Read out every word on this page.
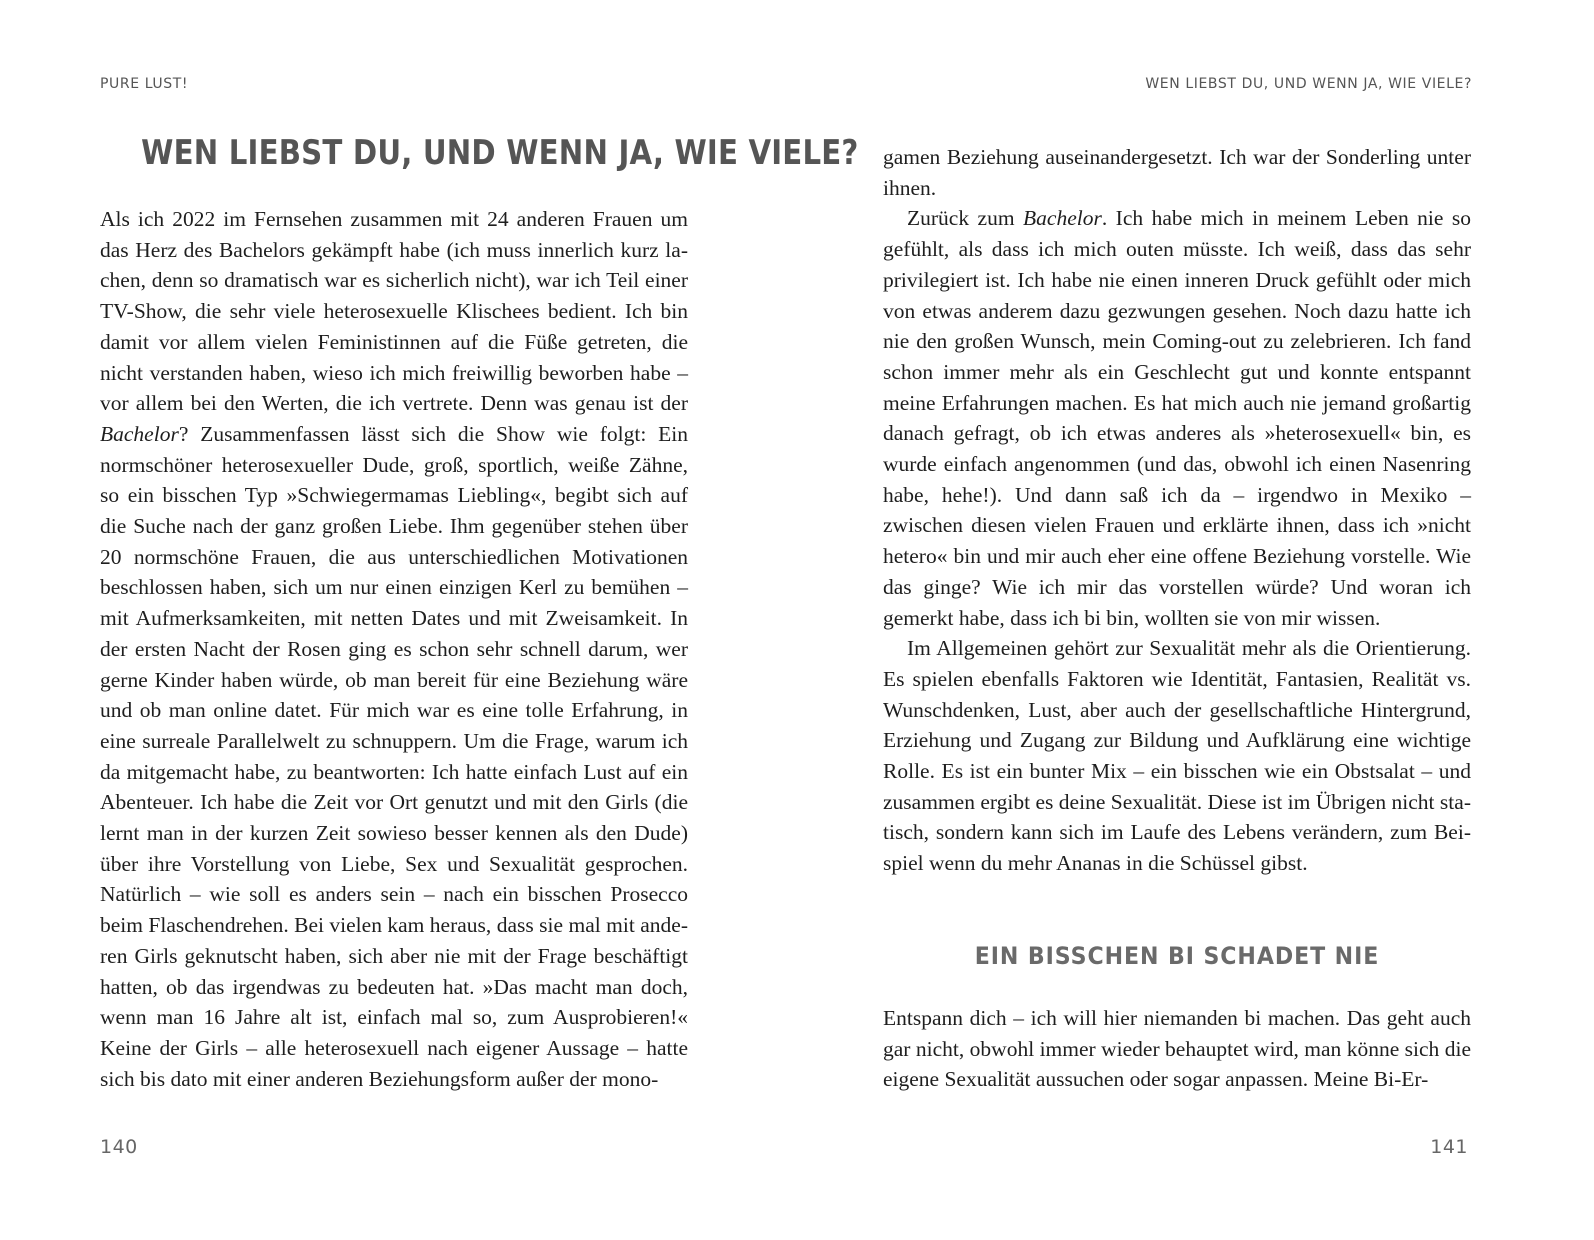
PURE LUST!
WEN LIEBST DU, UND WENN JA, WIE VIELE?

Als ich 2022 im Fernsehen zusammen mit 24 anderen Frauen um das Herz des Bachelors gekämpft habe (ich muss innerlich kurz lachen, denn so dramatisch war es sicherlich nicht), war ich Teil einer TV-Show, die sehr viele heterosexuelle Klischees bedient. Ich bin damit vor allem vielen Feministinnen auf die Füße getreten, die nicht verstanden haben, wieso ich mich freiwillig beworben habe – vor allem bei den Werten, die ich vertrete. Denn was genau ist der Bachelor? Zusammenfassen lässt sich die Show wie folgt: Ein normschöner heterosexueller Dude, groß, sportlich, weiße Zähne, so ein bisschen Typ »Schwiegermamas Liebling«, begibt sich auf die Suche nach der ganz großen Liebe. Ihm gegenüber stehen über 20 normschöne Frauen, die aus unterschiedlichen Motivationen beschlossen haben, sich um nur einen einzigen Kerl zu bemühen – mit Aufmerksamkeiten, mit netten Dates und mit Zweisamkeit. In der ersten Nacht der Rosen ging es schon sehr schnell darum, wer gerne Kinder haben würde, ob man bereit für eine Beziehung wäre und ob man online datet. Für mich war es eine tolle Erfahrung, in eine surreale Parallelwelt zu schnuppern. Um die Frage, warum ich da mitgemacht habe, zu beantworten: Ich hatte einfach Lust auf ein Abenteuer. Ich habe die Zeit vor Ort genutzt und mit den Girls (die lernt man in der kurzen Zeit sowieso besser kennen als den Dude) über ihre Vorstellung von Liebe, Sex und Sexualität gesprochen. Natürlich – wie soll es anders sein – nach ein bisschen Prosecco beim Flaschendrehen. Bei vielen kam heraus, dass sie mal mit anderen Girls geknutscht haben, sich aber nie mit der Frage beschäftigt hatten, ob das irgendwas zu bedeuten hat. »Das macht man doch, wenn man 16 Jahre alt ist, einfach mal so, zum Ausprobieren!« Keine der Girls – alle heterosexuell nach eigener Aussage – hatte sich bis dato mit einer anderen Beziehungsform außer der mono-

140
WEN LIEBST DU, UND WENN JA, WIE VIELE?

gamen Beziehung auseinandergesetzt. Ich war der Sonderling unter ihnen.

Zurück zum Bachelor. Ich habe mich in meinem Leben nie so gefühlt, als dass ich mich outen müsste. Ich weiß, dass das sehr privilegiert ist. Ich habe nie einen inneren Druck gefühlt oder mich von etwas anderem dazu gezwungen gesehen. Noch dazu hatte ich nie den großen Wunsch, mein Coming-out zu zelebrieren. Ich fand schon immer mehr als ein Geschlecht gut und konnte entspannt meine Erfahrungen machen. Es hat mich auch nie jemand großartig danach gefragt, ob ich etwas anderes als »heterosexuell« bin, es wurde einfach angenommen (und das, obwohl ich einen Nasenring habe, hehe!). Und dann saß ich da – irgendwo in Mexiko – zwischen diesen vielen Frauen und erklärte ihnen, dass ich »nicht hetero« bin und mir auch eher eine offene Beziehung vorstelle. Wie das ginge? Wie ich mir das vorstellen würde? Und woran ich gemerkt habe, dass ich bi bin, wollten sie von mir wissen.

Im Allgemeinen gehört zur Sexualität mehr als die Orientierung. Es spielen ebenfalls Faktoren wie Identität, Fantasien, Realität vs. Wunschdenken, Lust, aber auch der gesellschaftliche Hintergrund, Erziehung und Zugang zur Bildung und Aufklärung eine wichtige Rolle. Es ist ein bunter Mix – ein bisschen wie ein Obstsalat – und zusammen ergibt es deine Sexualität. Diese ist im Übrigen nicht statisch, sondern kann sich im Laufe des Lebens verändern, zum Beispiel wenn du mehr Ananas in die Schüssel gibst.

EIN BISSCHEN BI SCHADET NIE

Entspann dich – ich will hier niemanden bi machen. Das geht auch gar nicht, obwohl immer wieder behauptet wird, man könne sich die eigene Sexualität aussuchen oder sogar anpassen. Meine Bi-Er-

141
